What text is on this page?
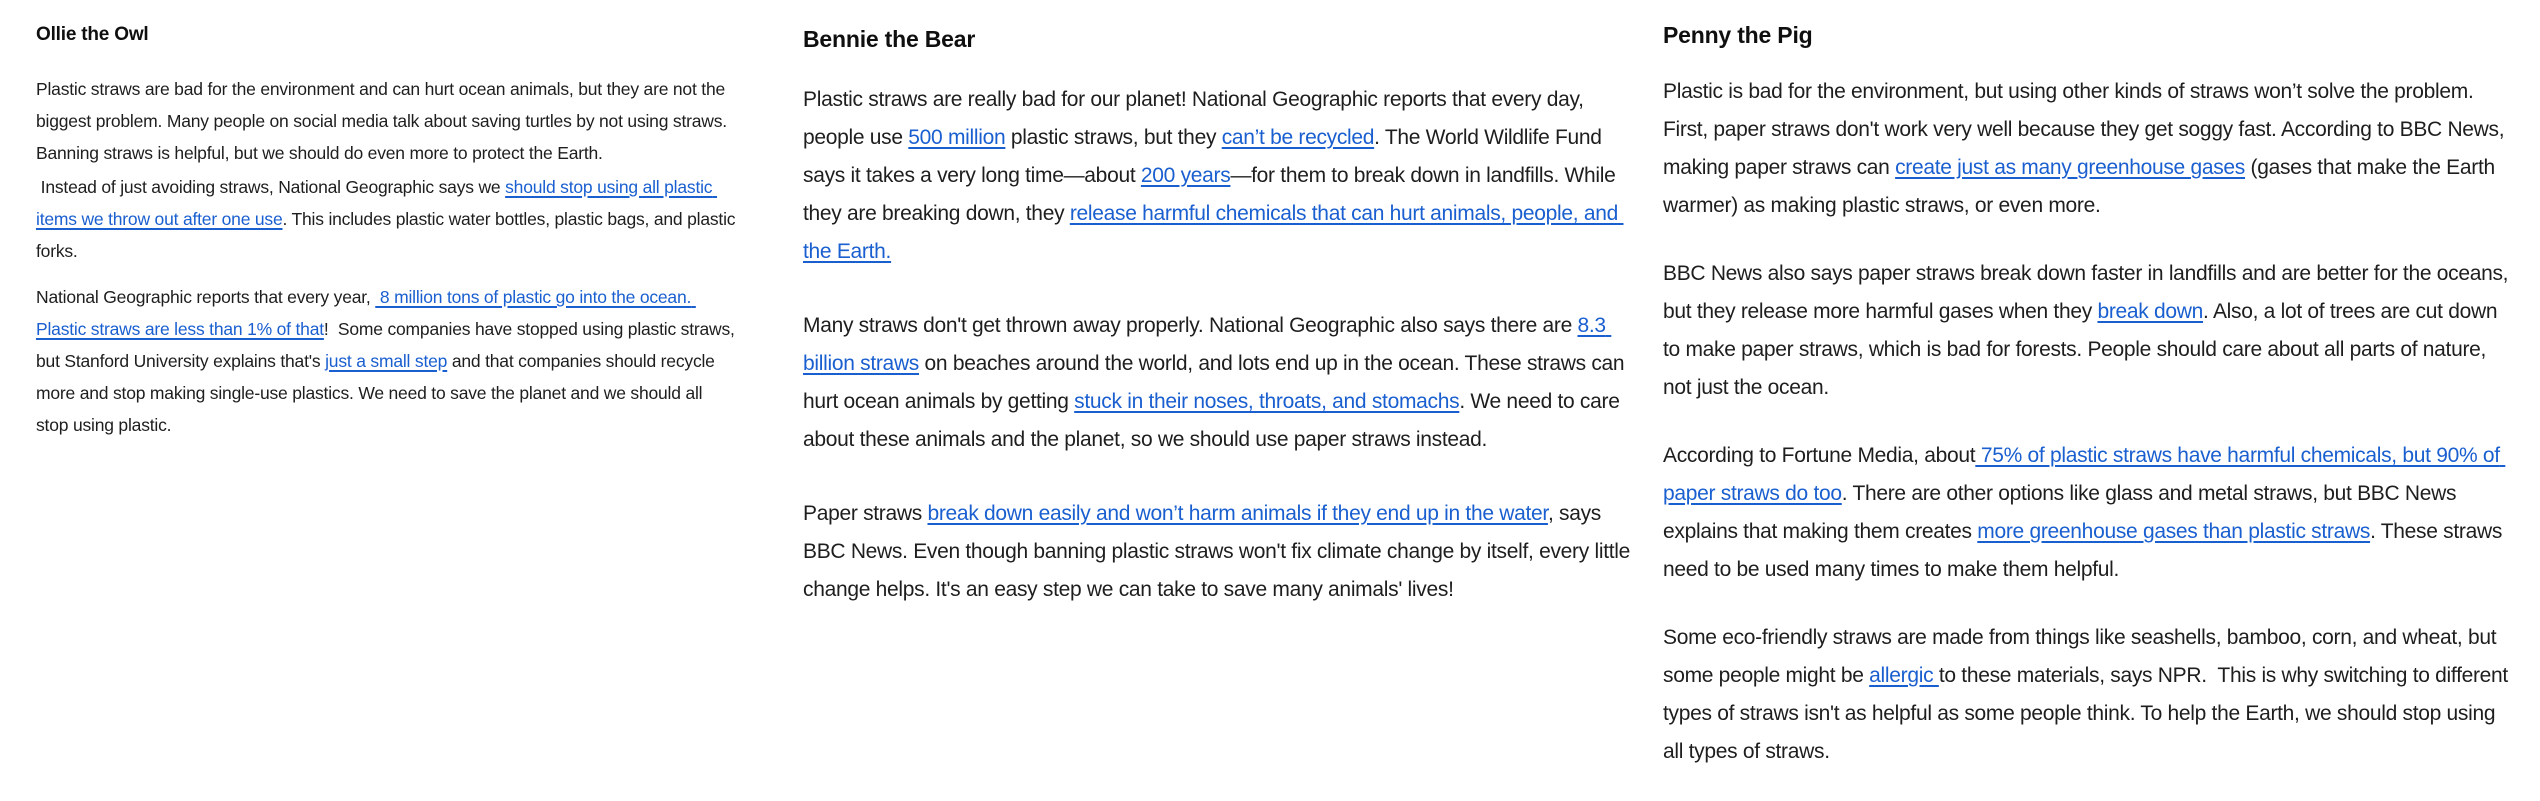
Ollie the Owl

Plastic straws are bad for the environment and can hurt ocean animals, but they are not the biggest problem. Many people on social media talk about saving turtles by not using straws. Banning straws is helpful, but we should do even more to protect the Earth.

Instead of just avoiding straws, National Geographic says we should stop using all plastic items we throw out after one use. This includes plastic water bottles, plastic bags, and plastic forks.

National Geographic reports that every year,  8 million tons of plastic go into the ocean. Plastic straws are less than 1% of that!  Some companies have stopped using plastic straws, but Stanford University explains that's just a small step and that companies should recycle more and stop making single-use plastics. We need to save the planet and we should all stop using plastic.

Bennie the Bear

Plastic straws are really bad for our planet! National Geographic reports that every day, people use 500 million plastic straws, but they can’t be recycled. The World Wildlife Fund says it takes a very long time—about 200 years—for them to break down in landfills. While they are breaking down, they release harmful chemicals that can hurt animals, people, and the Earth.

Many straws don't get thrown away properly. National Geographic also says there are 8.3 billion straws on beaches around the world, and lots end up in the ocean. These straws can hurt ocean animals by getting stuck in their noses, throats, and stomachs. We need to care about these animals and the planet, so we should use paper straws instead.

Paper straws break down easily and won’t harm animals if they end up in the water, says BBC News. Even though banning plastic straws won't fix climate change by itself, every little change helps. It's an easy step we can take to save many animals' lives!

Penny the Pig

Plastic is bad for the environment, but using other kinds of straws won’t solve the problem. First, paper straws don't work very well because they get soggy fast. According to BBC News, making paper straws can create just as many greenhouse gases (gases that make the Earth warmer) as making plastic straws, or even more.

BBC News also says paper straws break down faster in landfills and are better for the oceans, but they release more harmful gases when they break down. Also, a lot of trees are cut down to make paper straws, which is bad for forests. People should care about all parts of nature, not just the ocean.

According to Fortune Media, about 75% of plastic straws have harmful chemicals, but 90% of paper straws do too. There are other options like glass and metal straws, but BBC News explains that making them creates more greenhouse gases than plastic straws. These straws need to be used many times to make them helpful.

Some eco-friendly straws are made from things like seashells, bamboo, corn, and wheat, but some people might be allergic to these materials, says NPR.  This is why switching to different types of straws isn't as helpful as some people think. To help the Earth, we should stop using all types of straws.
